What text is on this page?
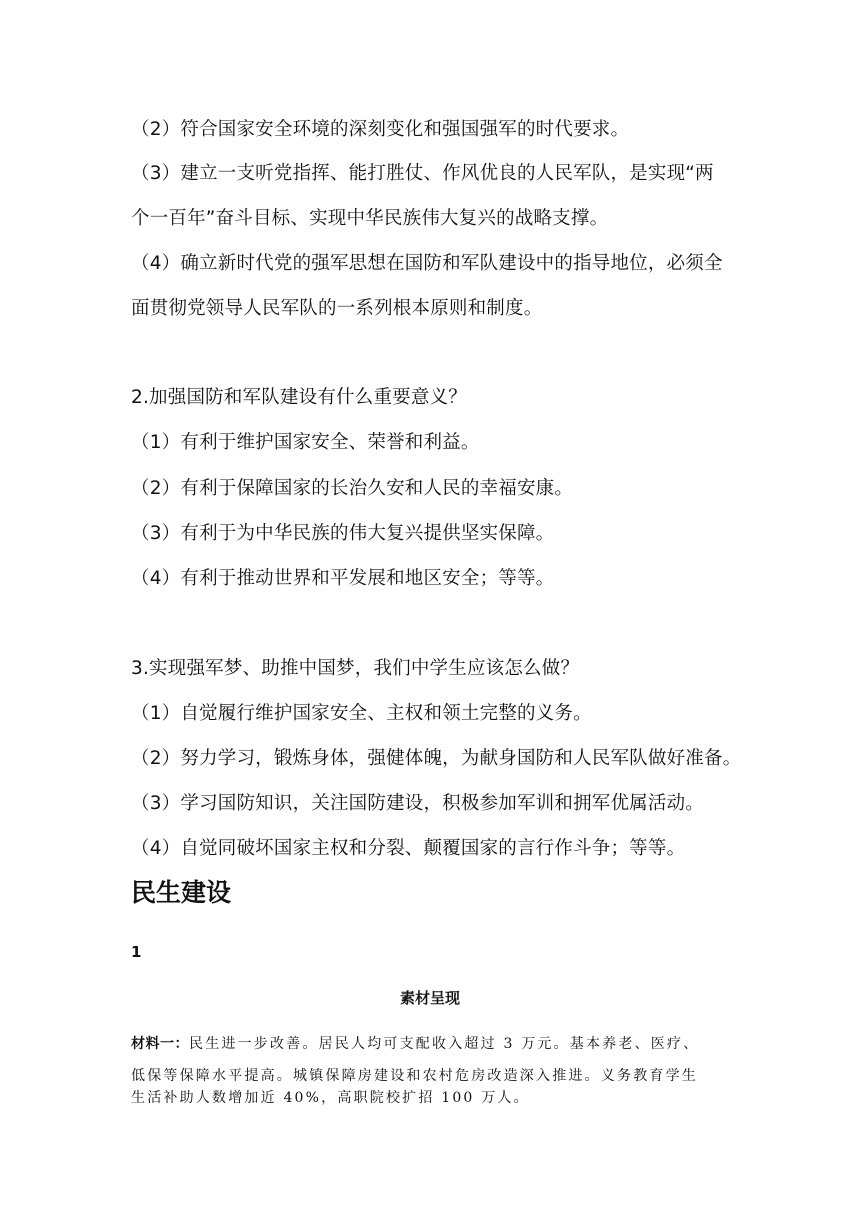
（2）符合国家安全环境的深刻变化和强国强军的时代要求。
（3）建立一支听党指挥、能打胜仗、作风优良的人民军队，是实现“两
个一百年”奋斗目标、实现中华民族伟大复兴的战略支撑。
（4）确立新时代党的强军思想在国防和军队建设中的指导地位，必须全
面贯彻党领导人民军队的一系列根本原则和制度。
2.加强国防和军队建设有什么重要意义？
（1）有利于维护国家安全、荣誉和利益。
（2）有利于保障国家的长治久安和人民的幸福安康。
（3）有利于为中华民族的伟大复兴提供坚实保障。
（4）有利于推动世界和平发展和地区安全；等等。
3.实现强军梦、助推中国梦，我们中学生应该怎么做？
（1）自觉履行维护国家安全、主权和领土完整的义务。
（2）努力学习，锻炼身体，强健体魄，为献身国防和人民军队做好准备。
（3）学习国防知识，关注国防建设，积极参加军训和拥军优属活动。
（4）自觉同破坏国家主权和分裂、颠覆国家的言行作斗争；等等。
民生建设
1
素材呈现
材料一：民生进一步改善。居民人均可支配收入超过 3 万元。基本养老、医疗、
低保等保障水平提高。城镇保障房建设和农村危房改造深入推进。义务教育学生
生活补助人数增加近 40%，高职院校扩招 100 万人。
